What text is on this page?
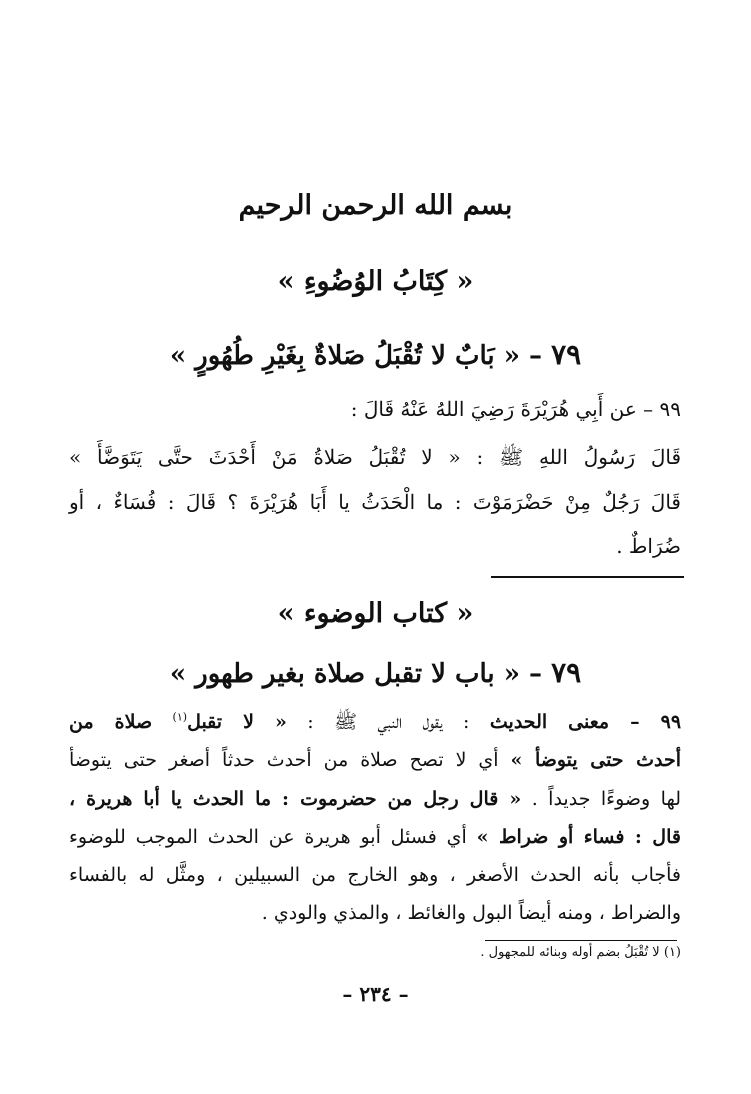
بسم الله الرحمن الرحيم
« كِتَابُ الوُضُوءِ »
٧٩ – « بَابٌ لا تُقْبَلُ صَلاةٌ بِغَيْرِ طُهُورٍ »
٩٩ – عن أَبِي هُرَيْرَةَ رَضِيَ اللهُ عَنْهُ قَالَ :
قَالَ رَسُولُ اللهِ ﷺ : « لا تُقْبَلُ صَلاةُ مَنْ أَحْدَثَ حتَّى يَتَوَضَّأَ »
قَالَ رَجُلٌ مِنْ حَضْرَمَوْتَ : ما الْحَدَثُ يا أَبَا هُرَيْرَةَ ؟ قَالَ : فُسَاءٌ ، أو
ضُرَاطٌ .
« كتاب الوضوء »
٧٩ – « باب لا تقبل صلاة بغير طهور »
٩٩ – معنى الحديث : يقول النبي ﷺ : « لا تقبل$^{(١)}$ صلاة من
أحدث حتى يتوضأ » أي لا تصح صلاة من أحدث حدثاً أصغر حتى يتوضأ
لها وضوءًا جديداً . « قال رجل من حضرموت : ما الحدث يا أبا هريرة ،
قال : فساء أو ضراط » أي فسئل أبو هريرة عن الحدث الموجب للوضوء
فأجاب بأنه الحدث الأصغر ، وهو الخارج من السبيلين ، ومثَّل له بالفساء
والضراط ، ومنه أيضاً البول والغائط ، والمذي والودي .
(١) لا تُقْبَلُ بضم أوله وبنائه للمجهول .
– ٢٣٤ –
